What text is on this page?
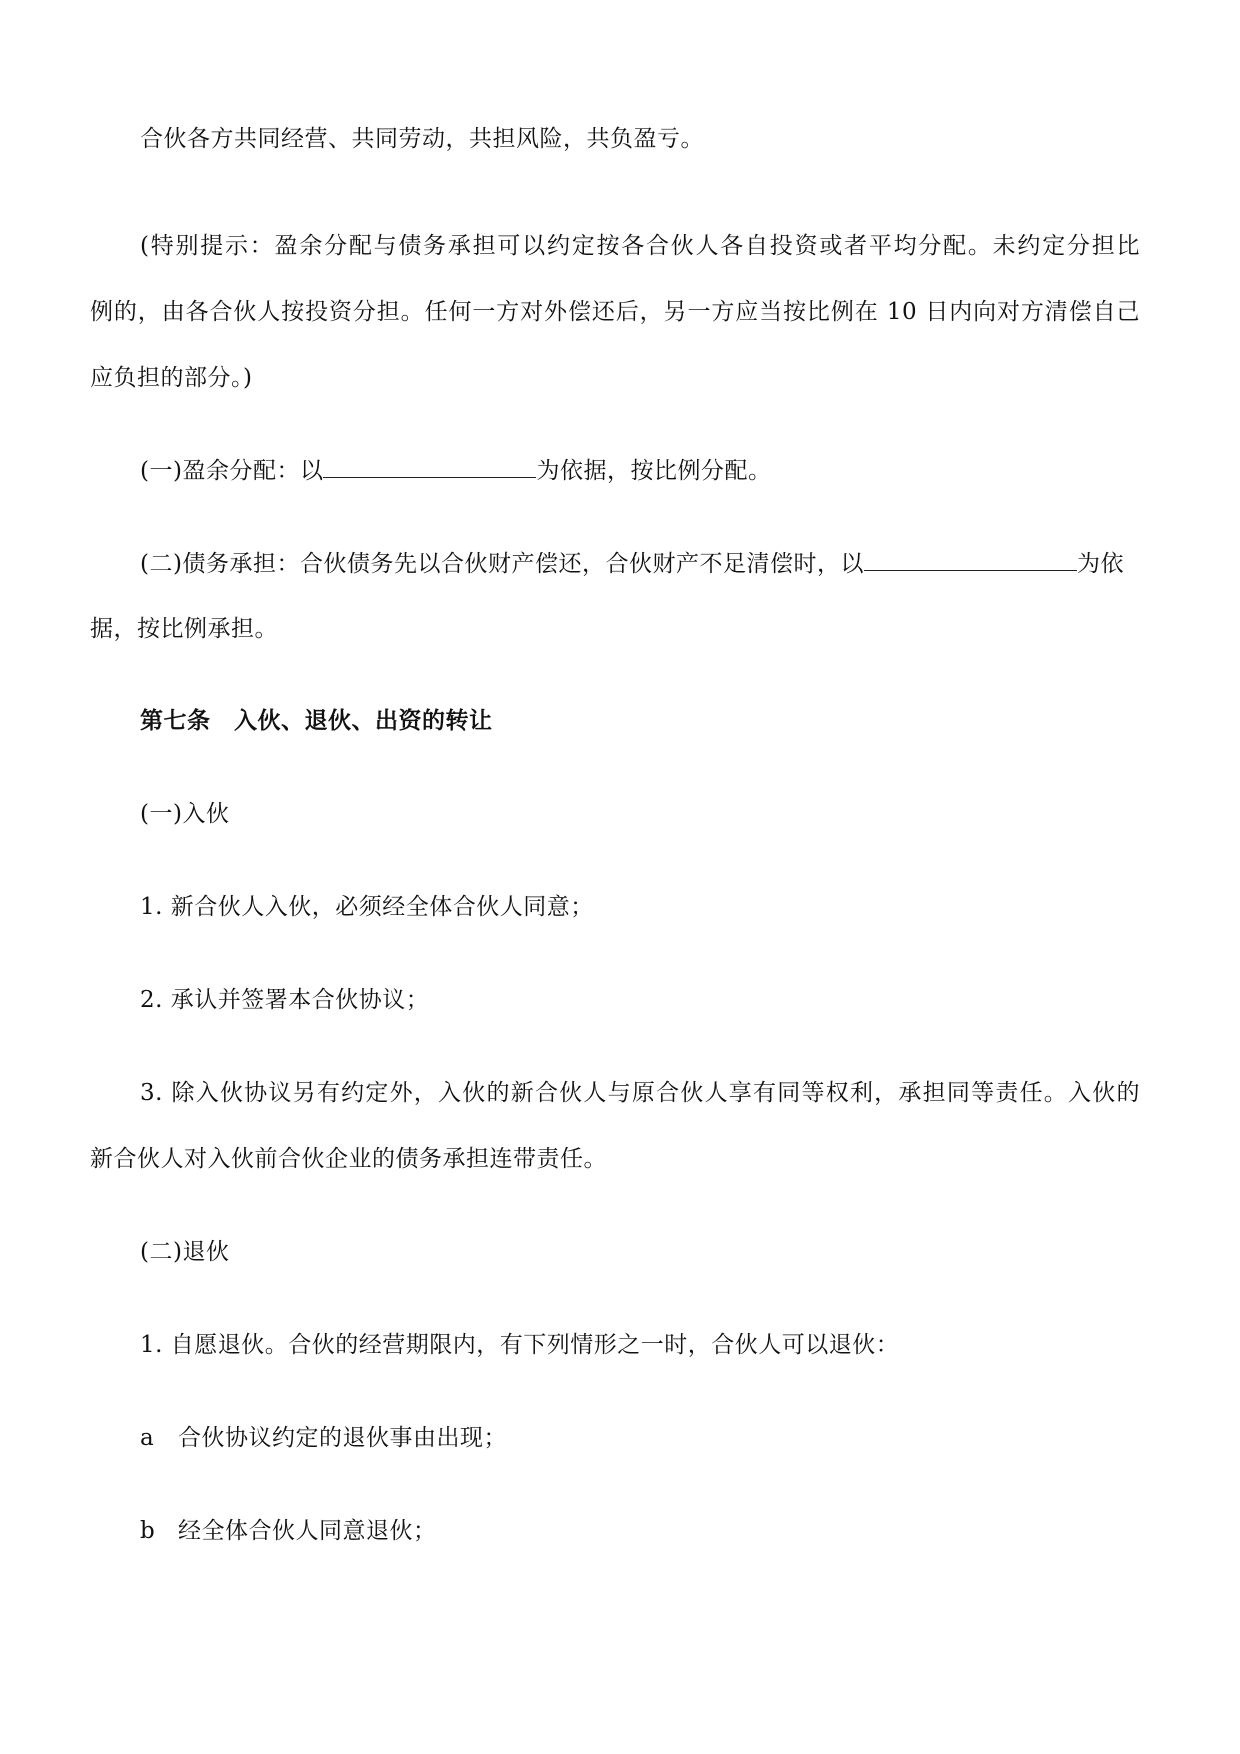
合伙各方共同经营、共同劳动，共担风险，共负盈亏。
(特别提示：盈余分配与债务承担可以约定按各合伙人各自投资或者平均分配。未约定分担比
例的，由各合伙人按投资分担。任何一方对外偿还后，另一方应当按比例在 10 日内向对方清偿自己
应负担的部分。)
(一)盈余分配：以	为依据，按比例分配。
(二)债务承担：合伙债务先以合伙财产偿还，合伙财产不足清偿时，以	为依
据，按比例承担。
第七条　入伙、退伙、出资的转让
(一)入伙
1. 新合伙人入伙，必须经全体合伙人同意；
2. 承认并签署本合伙协议；
3. 除入伙协议另有约定外，入伙的新合伙人与原合伙人享有同等权利，承担同等责任。入伙的
新合伙人对入伙前合伙企业的债务承担连带责任。
(二)退伙
1. 自愿退伙。合伙的经营期限内，有下列情形之一时，合伙人可以退伙：
a 合伙协议约定的退伙事由出现；
b 经全体合伙人同意退伙；
